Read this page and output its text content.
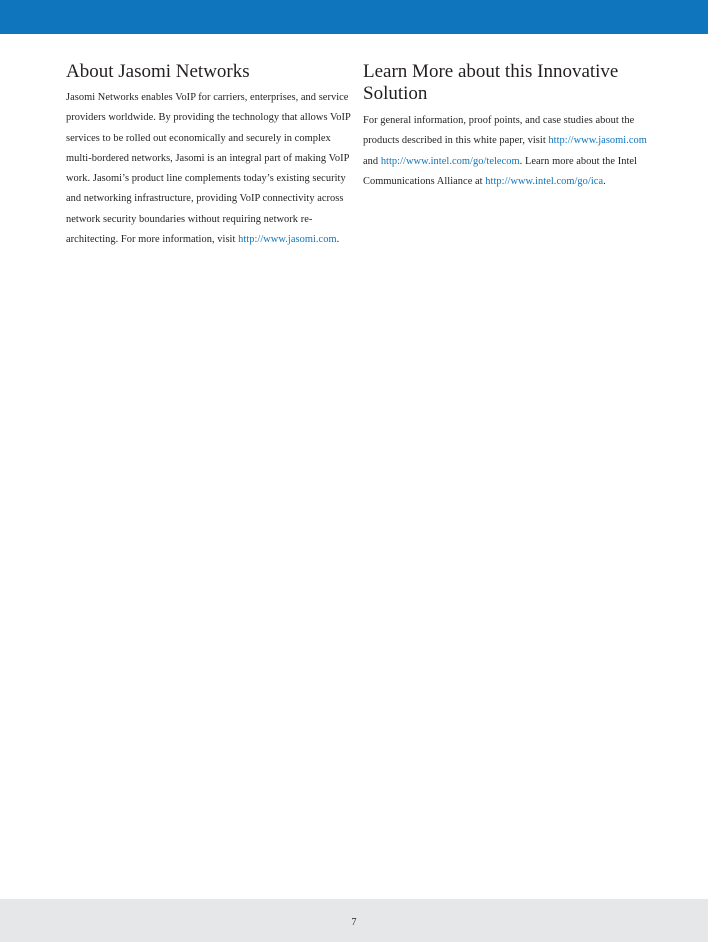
About Jasomi Networks

Jasomi Networks enables VoIP for carriers, enterprises, and service providers worldwide. By providing the technology that allows VoIP services to be rolled out economically and securely in complex multi-bordered networks, Jasomi is an integral part of making VoIP work. Jasomi’s product line complements today’s existing security and networking infrastructure, providing VoIP connectivity across network security boundaries without requiring network re-architecting. For more information, visit http://www.jasomi.com.

Learn More about this Innovative Solution

For general information, proof points, and case studies about the products described in this white paper, visit http://www.jasomi.com and http://www.intel.com/go/telecom. Learn more about the Intel Communications Alliance at http://www.intel.com/go/ica.

7
